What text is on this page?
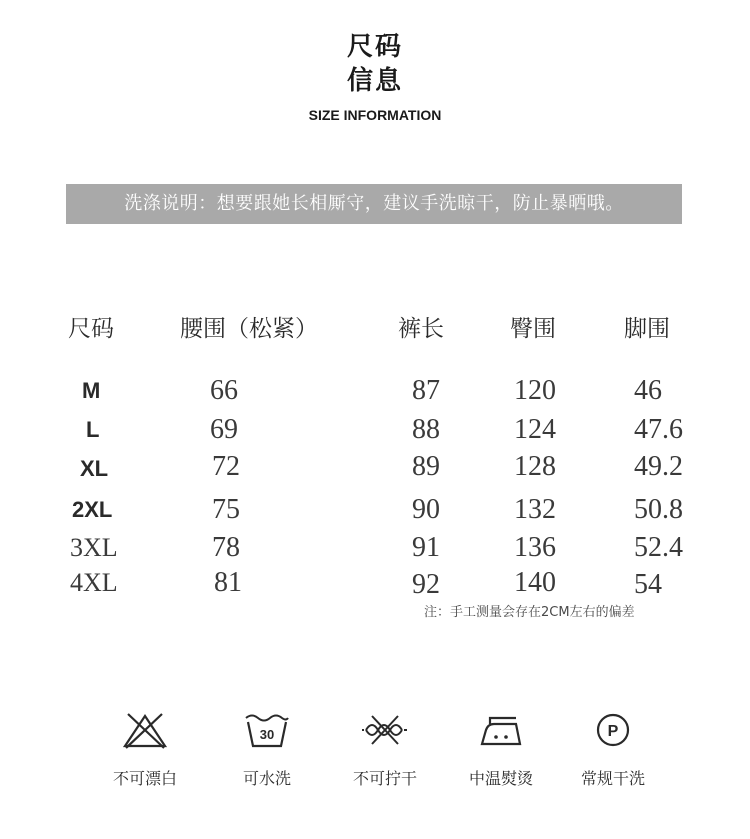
尺码
信息
SIZE INFORMATION
洗涤说明：想要跟她长相厮守，建议手洗晾干，防止暴晒哦。
尺码	腰围（松紧）	裤长	臀围	脚围
M	66	87	120	46
L	69	88	124	47.6
XL	72	89	128	49.2
2XL	75	90	132	50.8
3XL	78	91	136	52.4
4XL	81	92	140	54
注：手工测量会存在2CM左右的偏差
不可漂白
30
可水洗	不可拧干	中温熨烫
P
常规干洗
